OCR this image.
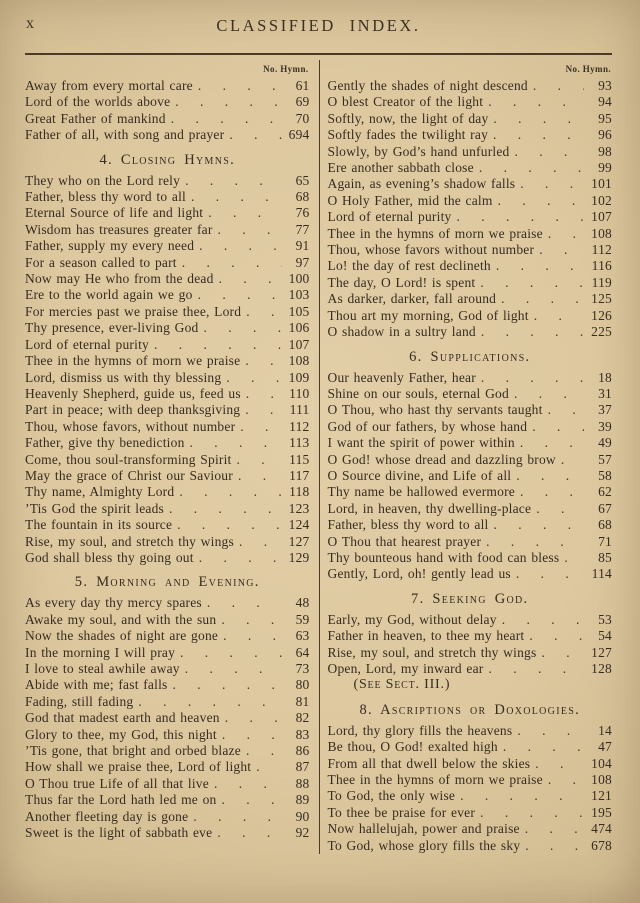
x	CLASSIFIED INDEX.
No. Hymn.
Away from every mortal care . . .	61
Lord of the worlds above . . .	69
Great Father of mankind . . .	70
Father of all, with song and prayer . . .	694
4. Closing Hymns.
They who on the Lord rely . . .	65
Father, bless thy word to all . . .	68
Eternal Source of life and light . . .	76
Wisdom has treasures greater far . . .	77
Father, supply my every need . . .	91
For a season called to part . . .	97
Now may He who from the dead . . .	100
Ere to the world again we go . . .	103
For mercies past we praise thee, Lord . . .	105
Thy presence, ever-living God . . .	106
Lord of eternal purity . . .	107
Thee in the hymns of morn we praise . . .	108
Lord, dismiss us with thy blessing . . .	109
Heavenly Shepherd, guide us, feed us . . .	110
Part in peace; with deep thanksgiving . . .	111
Thou, whose favors, without number . . .	112
Father, give thy benediction . . .	113
Come, thou soul-transforming Spirit . . .	115
May the grace of Christ our Saviour . . .	117
Thy name, Almighty Lord . . .	118
’Tis God the spirit leads . . .	123
The fountain in its source . . .	124
Rise, my soul, and stretch thy wings . . .	127
God shall bless thy going out . . .	129
5. Morning and Evening.
As every day thy mercy spares . . .	48
Awake my soul, and with the sun . . .	59
Now the shades of night are gone . . .	63
In the morning I will pray . . .	64
I love to steal awhile away . . .	73
Abide with me; fast falls . . .	80
Fading, still fading . . .	81
God that madest earth and heaven . . .	82
Glory to thee, my God, this night . . .	83
’Tis gone, that bright and orbed blaze . . .	86
How shall we praise thee, Lord of light . . .	87
O Thou true Life of all that live . . .	88
Thus far the Lord hath led me on . . .	89
Another fleeting day is gone . . .	90
Sweet is the light of sabbath eve . . .	92
No. Hymn.
Gently the shades of night descend . . .	93
O blest Creator of the light . . .	94
Softly, now, the light of day . . .	95
Softly fades the twilight ray . . .	96
Slowly, by God’s hand unfurled . . .	98
Ere another sabbath close . . .	99
Again, as evening’s shadow falls . . .	101
O Holy Father, mid the calm . . .	102
Lord of eternal purity . . .	107
Thee in the hymns of morn we praise . . .	108
Thou, whose favors without number . . .	112
Lo! the day of rest declineth . . .	116
The day, O Lord! is spent . . .	119
As darker, darker, fall around . . .	125
Thou art my morning, God of light . . .	126
O shadow in a sultry land . . .	225
6. Supplications.
Our heavenly Father, hear . . .	18
Shine on our souls, eternal God . . .	31
O Thou, who hast thy servants taught . . .	37
God of our fathers, by whose hand . . .	39
I want the spirit of power within . . .	49
O God! whose dread and dazzling brow . . .	57
O Source divine, and Life of all . . .	58
Thy name be hallowed evermore . . .	62
Lord, in heaven, thy dwelling-place . . .	67
Father, bless thy word to all . . .	68
O Thou that hearest prayer . . .	71
Thy bounteous hand with food can bless . . .	85
Gently, Lord, oh! gently lead us . . .	114
7. Seeking God.
Early, my God, without delay . . .	53
Father in heaven, to thee my heart . . .	54
Rise, my soul, and stretch thy wings . . .	127
Open, Lord, my inward ear . . .	128
(See Sect. III.)
8. Ascriptions or Doxologies.
Lord, thy glory fills the heavens . . .	14
Be thou, O God! exalted high . . .	47
From all that dwell below the skies . . .	104
Thee in the hymns of morn we praise . . .	108
To God, the only wise . . .	121
To thee be praise for ever . . .	195
Now hallelujah, power and praise . . .	474
To God, whose glory fills the sky . . .	678
